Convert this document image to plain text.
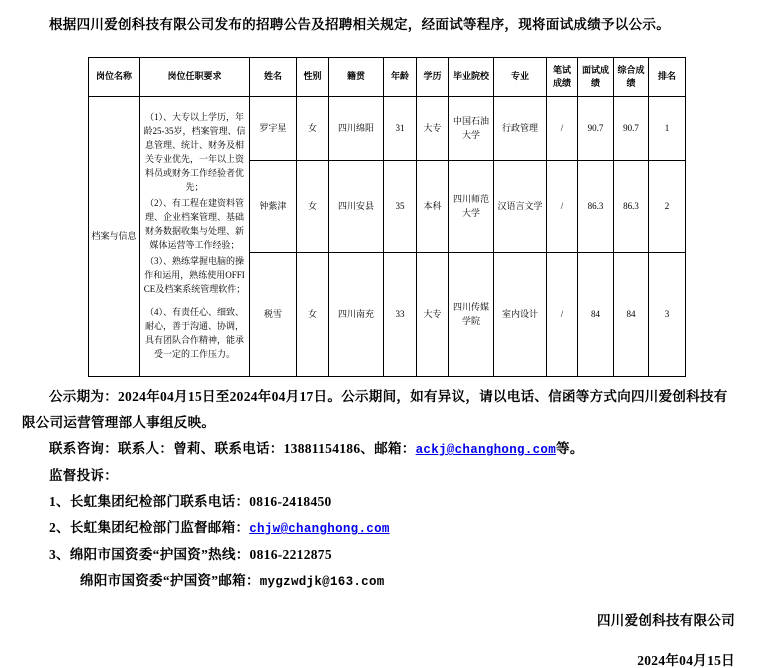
根据四川爱创科技有限公司发布的招聘公告及招聘相关规定，经面试等程序，现将面试成绩予以公示。

岗位名称	岗位任职要求	姓名	性别	籍贯	年龄	学历	毕业院校	专业	笔试成绩	面试成绩	综合成绩	排名
档案与信息	（1）、大专以上学历，年龄25-35岁，档案管理、信息管理、统计、财务及相关专业优先，一年以上资料员或财务工作经验者优先；

（2）、有工程在建资料管理、企业档案管理、基础财务数据收集与处理、新媒体运营等工作经验；

（3）、熟练掌握电脑的操作和运用，熟练使用OFFICE及档案系统管理软件；

（4）、有责任心、细致、耐心，善于沟通、协调，具有团队合作精神，能承受一定的工作压力。	罗宇星	女	四川绵阳	31	大专	中国石油大学	行政管理	/	90.7	90.7	1
		钟紫津	女	四川安县	35	本科	四川师范大学	汉语言文学	/	86.3	86.3	2
		税雪	女	四川南充	33	大专	四川传媒学院	室内设计	/	84	84	3

公示期为：2024年04月15日至2024年04月17日。公示期间，如有异议，请以电话、信函等方式向四川爱创科技有限公司运营管理部人事组反映。

联系咨询：联系人：曾莉、联系电话：13881154186、邮箱：ackj@changhong.com等。

监督投诉：

1、长虹集团纪检部门联系电话：0816-2418450

2、长虹集团纪检部门监督邮箱：chjw@changhong.com

3、绵阳市国资委“护国资”热线：0816-2212875

绵阳市国资委“护国资”邮箱：mygzwdjk@163.com

四川爱创科技有限公司

2024年04月15日
